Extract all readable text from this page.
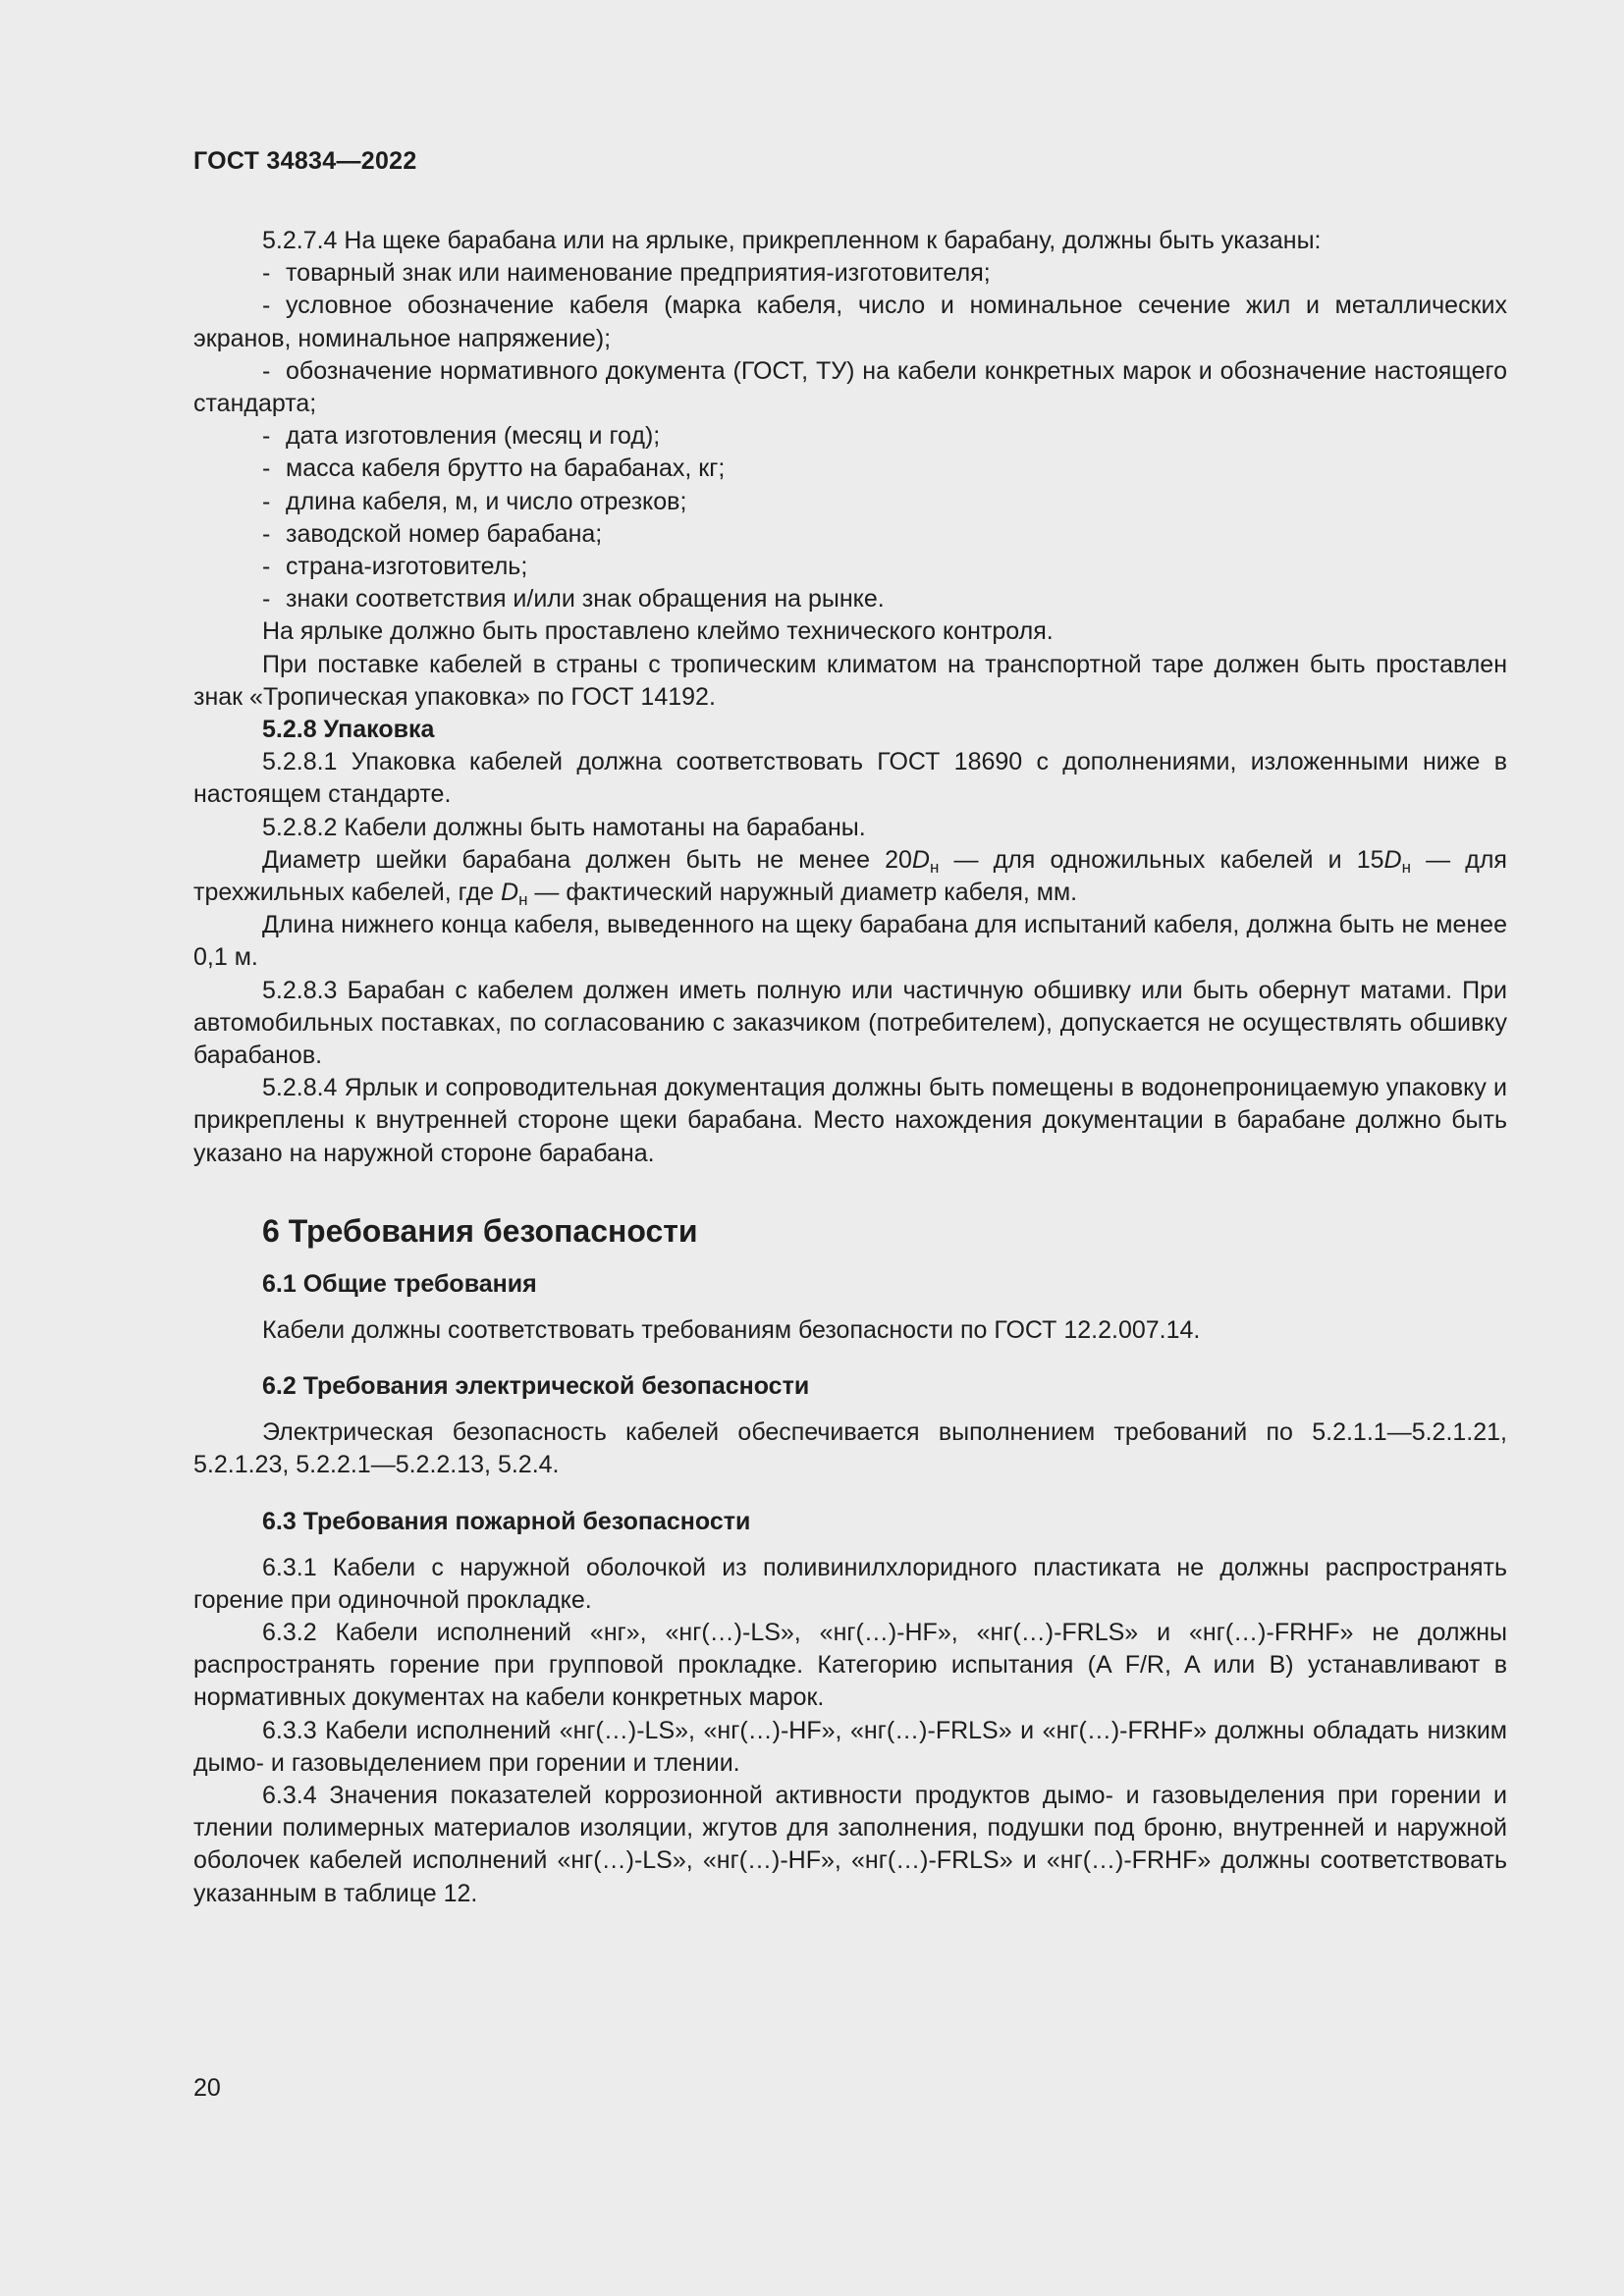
ГОСТ 34834—2022

5.2.7.4 На щеке барабана или на ярлыке, прикрепленном к барабану, должны быть указаны:

- товарный знак или наименование предприятия-изготовителя;

- условное обозначение кабеля (марка кабеля, число и номинальное сечение жил и металлических экранов, номинальное напряжение);

- обозначение нормативного документа (ГОСТ, ТУ) на кабели конкретных марок и обозначение настоящего стандарта;

- дата изготовления (месяц и год);

- масса кабеля брутто на барабанах, кг;

- длина кабеля, м, и число отрезков;

- заводской номер барабана;

- страна-изготовитель;

- знаки соответствия и/или знак обращения на рынке.

На ярлыке должно быть проставлено клеймо технического контроля.

При поставке кабелей в страны с тропическим климатом на транспортной таре должен быть проставлен знак «Тропическая упаковка» по ГОСТ 14192.

5.2.8 Упаковка

5.2.8.1 Упаковка кабелей должна соответствовать ГОСТ 18690 с дополнениями, изложенными ниже в настоящем стандарте.

5.2.8.2 Кабели должны быть намотаны на барабаны.

Диаметр шейки барабана должен быть не менее $20D_н$ — для одножильных кабелей и $15D_н$ — для трехжильных кабелей, где $D_н$ — фактический наружный диаметр кабеля, мм.

Длина нижнего конца кабеля, выведенного на щеку барабана для испытаний кабеля, должна быть не менее 0,1 м.

5.2.8.3 Барабан с кабелем должен иметь полную или частичную обшивку или быть обернут матами. При автомобильных поставках, по согласованию с заказчиком (потребителем), допускается не осуществлять обшивку барабанов.

5.2.8.4 Ярлык и сопроводительная документация должны быть помещены в водонепроницаемую упаковку и прикреплены к внутренней стороне щеки барабана. Место нахождения документации в барабане должно быть указано на наружной стороне барабана.

6 Требования безопасности
6.1 Общие требования

Кабели должны соответствовать требованиям безопасности по ГОСТ 12.2.007.14.

6.2 Требования электрической безопасности

Электрическая безопасность кабелей обеспечивается выполнением требований по 5.2.1.1—5.2.1.21, 5.2.1.23, 5.2.2.1—5.2.2.13, 5.2.4.

6.3 Требования пожарной безопасности

6.3.1 Кабели с наружной оболочкой из поливинилхлоридного пластиката не должны распространять горение при одиночной прокладке.

6.3.2 Кабели исполнений «нг», «нг(…)-LS», «нг(…)-HF», «нг(…)-FRLS» и «нг(…)-FRHF» не должны распространять горение при групповой прокладке. Категорию испытания (A F/R, A или B) устанавливают в нормативных документах на кабели конкретных марок.

6.3.3 Кабели исполнений «нг(…)-LS», «нг(…)-HF», «нг(…)-FRLS» и «нг(…)-FRHF» должны обладать низким дымо- и газовыделением при горении и тлении.

6.3.4 Значения показателей коррозионной активности продуктов дымо- и газовыделения при горении и тлении полимерных материалов изоляции, жгутов для заполнения, подушки под броню, внутренней и наружной оболочек кабелей исполнений «нг(…)-LS», «нг(…)-HF», «нг(…)-FRLS» и «нг(…)-FRHF» должны соответствовать указанным в таблице 12.

20
